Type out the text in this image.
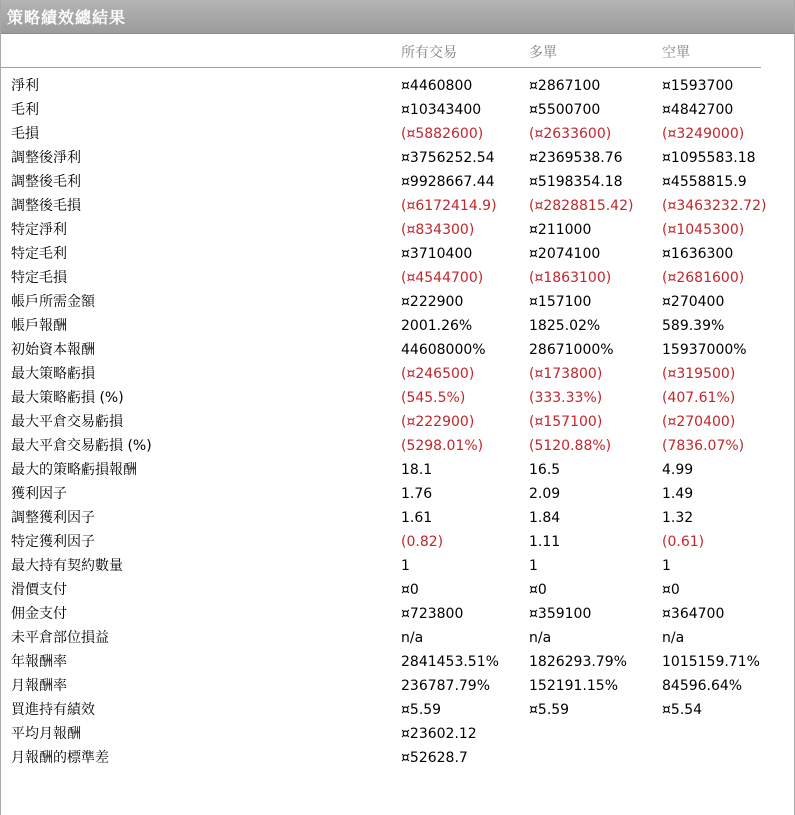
策略績效總結果
所有交易	多單	空單
淨利	¤4460800	¤2867100	¤1593700
毛利	¤10343400	¤5500700	¤4842700
毛損	(¤5882600)	(¤2633600)	(¤3249000)
調整後淨利	¤3756252.54 ¤2369538.76	¤1095583.18
調整後毛利	¤9928667.44 ¤5198354.18	¤4558815.9
調整後毛損	(¤6172414.9) (¤2828815.42) (¤3463232.72)
特定淨利	(¤834300)	¤211000	(¤1045300)
特定毛利	¤3710400	¤2074100	¤1636300
特定毛損	(¤4544700)	(¤1863100)	(¤2681600)
帳戶所需金額	¤222900	¤157100	¤270400
帳戶報酬	2001.26%	1825.02%	589.39%
初始資本報酬	44608000%	28671000%	15937000%
最大策略虧損	(¤246500)	(¤173800)	(¤319500)
最大策略虧損 (%)	(545.5%)	(333.33%)	(407.61%)
最大平倉交易虧損	(¤222900)	(¤157100)	(¤270400)
最大平倉交易虧損 (%)	(5298.01%)	(5120.88%)	(7836.07%)
最大的策略虧損報酬	18.1	16.5	4.99
獲利因子	1.76	2.09	1.49
調整獲利因子	1.61	1.84	1.32
特定獲利因子	(0.82)	1.11	(0.61)
最大持有契約數量	1	1	1
滑價支付	¤0	¤0	¤0
佣金支付	¤723800	¤359100	¤364700
未平倉部位損益	n/a	n/a	n/a
年報酬率	2841453.51% 1826293.79%	1015159.71%
月報酬率	236787.79%	152191.15%	84596.64%
買進持有績效	¤5.59	¤5.59	¤5.54
平均月報酬	¤23602.12
月報酬的標準差	¤52628.7
